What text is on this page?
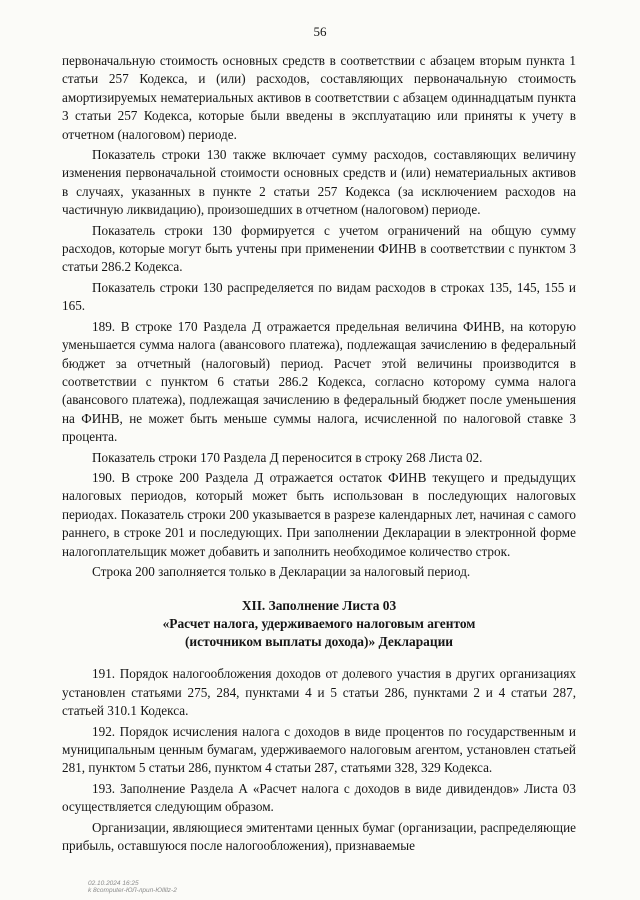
56

первоначальную стоимость основных средств в соответствии с абзацем вторым пункта 1 статьи 257 Кодекса, и (или) расходов, составляющих первоначальную стоимость амортизируемых нематериальных активов в соответствии с абзацем одиннадцатым пункта 3 статьи 257 Кодекса, которые были введены в эксплуатацию или приняты к учету в отчетном (налоговом) периоде.

Показатель строки 130 также включает сумму расходов, составляющих величину изменения первоначальной стоимости основных средств и (или) нематериальных активов в случаях, указанных в пункте 2 статьи 257 Кодекса (за исключением расходов на частичную ликвидацию), произошедших в отчетном (налоговом) периоде.

Показатель строки 130 формируется с учетом ограничений на общую сумму расходов, которые могут быть учтены при применении ФИНВ в соответствии с пунктом 3 статьи 286.2 Кодекса.

Показатель строки 130 распределяется по видам расходов в строках 135, 145, 155 и 165.

189. В строке 170 Раздела Д отражается предельная величина ФИНВ, на которую уменьшается сумма налога (авансового платежа), подлежащая зачислению в федеральный бюджет за отчетный (налоговый) период. Расчет этой величины производится в соответствии с пунктом 6 статьи 286.2 Кодекса, согласно которому сумма налога (авансового платежа), подлежащая зачислению в федеральный бюджет после уменьшения на ФИНВ, не может быть меньше суммы налога, исчисленной по налоговой ставке 3 процента.

Показатель строки 170 Раздела Д переносится в строку 268 Листа 02.

190. В строке 200 Раздела Д отражается остаток ФИНВ текущего и предыдущих налоговых периодов, который может быть использован в последующих налоговых периодах. Показатель строки 200 указывается в разрезе календарных лет, начиная с самого раннего, в строке 201 и последующих. При заполнении Декларации в электронной форме налогоплательщик может добавить и заполнить необходимое количество строк.

Строка 200 заполняется только в Декларации за налоговый период.

XII. Заполнение Листа 03
«Расчет налога, удерживаемого налоговым агентом
(источником выплаты дохода)» Декларации

191. Порядок налогообложения доходов от долевого участия в других организациях установлен статьями 275, 284, пунктами 4 и 5 статьи 286, пунктами 2 и 4 статьи 287, статьей 310.1 Кодекса.

192. Порядок исчисления налога с доходов в виде процентов по государственным и муниципальным ценным бумагам, удерживаемого налоговым агентом, установлен статьей 281, пунктом 5 статьи 286, пунктом 4 статьи 287, статьями 328, 329 Кодекса.

193. Заполнение Раздела А «Расчет налога с доходов в виде дивидендов» Листа 03 осуществляется следующим образом.

Организации, являющиеся эмитентами ценных бумаг (организации, распределяющие прибыль, оставшуюся после налогообложения), признаваемые

02.10.2024 16:25
k 8computer-ЮЛ-лрип-Юllllz-2
